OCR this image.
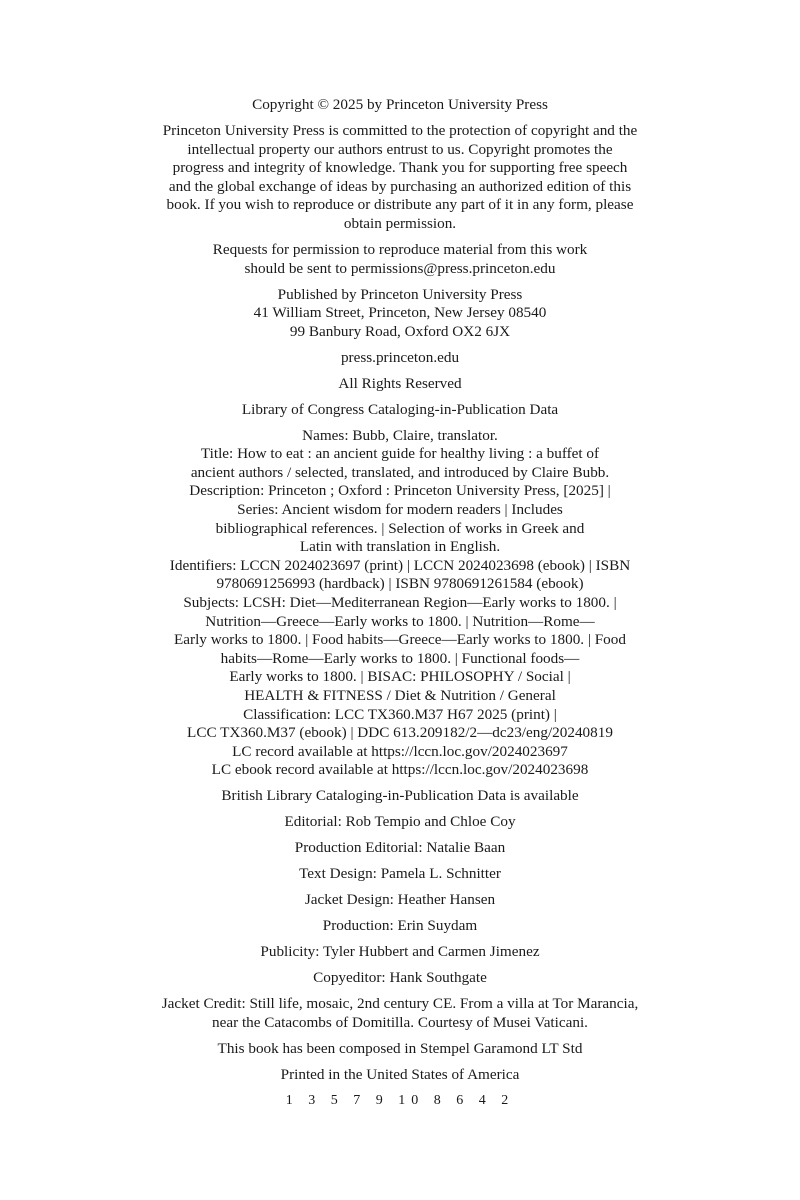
Copyright © 2025 by Princeton University Press
Princeton University Press is committed to the protection of copyright and the
intellectual property our authors entrust to us. Copyright promotes the
progress and integrity of knowledge. Thank you for supporting free speech
and the global exchange of ideas by purchasing an authorized edition of this
book. If you wish to reproduce or distribute any part of it in any form, please
obtain permission.
Requests for permission to reproduce material from this work
should be sent to permissions@press.princeton.edu
Published by Princeton University Press
41 William Street, Princeton, New Jersey 08540
99 Banbury Road, Oxford OX2 6JX
press.princeton.edu
All Rights Reserved
Library of Congress Cataloging-in-Publication Data
Names: Bubb, Claire, translator.
Title: How to eat : an ancient guide for healthy living : a buffet of
ancient authors / selected, translated, and introduced by Claire Bubb.
Description: Princeton ; Oxford : Princeton University Press, [2025] |
Series: Ancient wisdom for modern readers | Includes
bibliographical references. | Selection of works in Greek and
Latin with translation in English.
Identifiers: LCCN 2024023697 (print) | LCCN 2024023698 (ebook) | ISBN
9780691256993 (hardback) | ISBN 9780691261584 (ebook)
Subjects: LCSH: Diet—Mediterranean Region—Early works to 1800. |
Nutrition—Greece—Early works to 1800. | Nutrition—Rome—
Early works to 1800. | Food habits—Greece—Early works to 1800. | Food
habits—Rome—Early works to 1800. | Functional foods—
Early works to 1800. | BISAC: PHILOSOPHY / Social |
HEALTH & FITNESS / Diet & Nutrition / General
Classification: LCC TX360.M37 H67 2025 (print) |
LCC TX360.M37 (ebook) | DDC 613.209182/2—dc23/eng/20240819
LC record available at https://lccn.loc.gov/2024023697
LC ebook record available at https://lccn.loc.gov/2024023698
British Library Cataloging-in-Publication Data is available
Editorial: Rob Tempio and Chloe Coy
Production Editorial: Natalie Baan
Text Design: Pamela L. Schnitter
Jacket Design: Heather Hansen
Production: Erin Suydam
Publicity: Tyler Hubbert and Carmen Jimenez
Copyeditor: Hank Southgate
Jacket Credit: Still life, mosaic, 2nd century CE. From a villa at Tor Marancia,
near the Catacombs of Domitilla. Courtesy of Musei Vaticani.
This book has been composed in Stempel Garamond LT Std
Printed in the United States of America
1 3 5 7 9 10 8 6 4 2
